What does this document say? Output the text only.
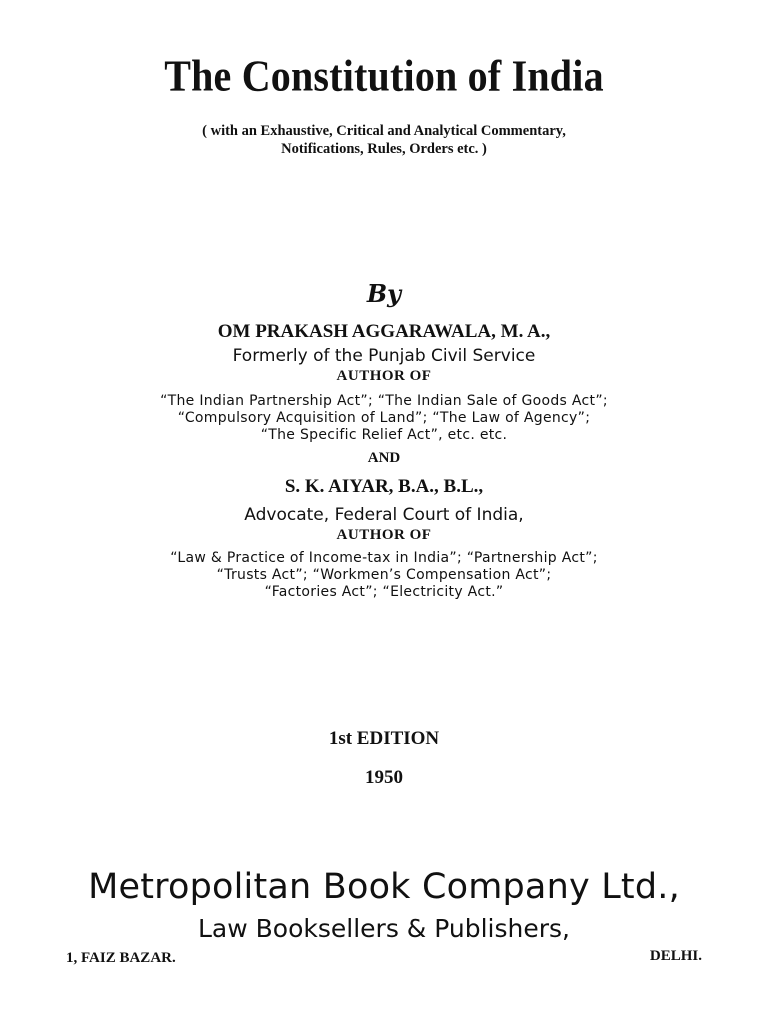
The Constitution of India

( with an Exhaustive, Critical and Analytical Commentary,

Notifications, Rules, Orders etc. )

By

OM PRAKASH AGGARAWALA, M. A.,

Formerly of the Punjab Civil Service

AUTHOR OF

“The Indian Partnership Act”; “The Indian Sale of Goods Act”;

“Compulsory Acquisition of Land”; “The Law of Agency”;

“The Specific Relief Act”, etc. etc.

AND

S. K. AIYAR, B.A., B.L.,

Advocate, Federal Court of India,

AUTHOR OF

“Law & Practice of Income-tax in India”; “Partnership Act”;

“Trusts Act”; “Workmen’s Compensation Act”;

“Factories Act”; “Electricity Act.”

1st EDITION

1950

Metropolitan Book Company Ltd.,

Law Booksellers & Publishers,

1, FAIZ BAZAR.	DELHI.
